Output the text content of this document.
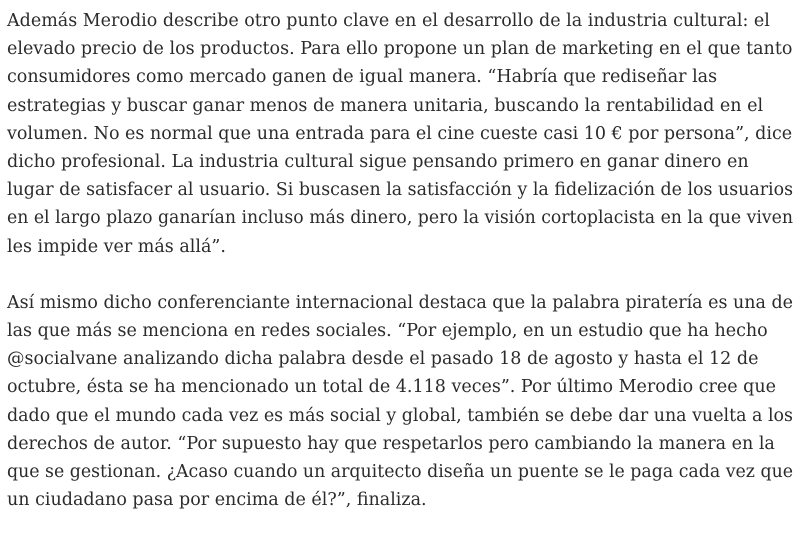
Además Merodio describe otro punto clave en el desarrollo de la industria cultural: el
elevado precio de los productos. Para ello propone un plan de marketing en el que tanto
consumidores como mercado ganen de igual manera. “Habría que rediseñar las
estrategias y buscar ganar menos de manera unitaria, buscando la rentabilidad en el
volumen. No es normal que una entrada para el cine cueste casi 10 € por persona”, dice
dicho profesional. La industria cultural sigue pensando primero en ganar dinero en
lugar de satisfacer al usuario. Si buscasen la satisfacción y la fidelización de los usuarios
en el largo plazo ganarían incluso más dinero, pero la visión cortoplacista en la que viven
les impide ver más allá”.

Así mismo dicho conferenciante internacional destaca que la palabra piratería es una de
las que más se menciona en redes sociales. “Por ejemplo, en un estudio que ha hecho
@socialvane analizando dicha palabra desde el pasado 18 de agosto y hasta el 12 de
octubre, ésta se ha mencionado un total de 4.118 veces”. Por último Merodio cree que
dado que el mundo cada vez es más social y global, también se debe dar una vuelta a los
derechos de autor. “Por supuesto hay que respetarlos pero cambiando la manera en la
que se gestionan. ¿Acaso cuando un arquitecto diseña un puente se le paga cada vez que
un ciudadano pasa por encima de él?”, finaliza.
